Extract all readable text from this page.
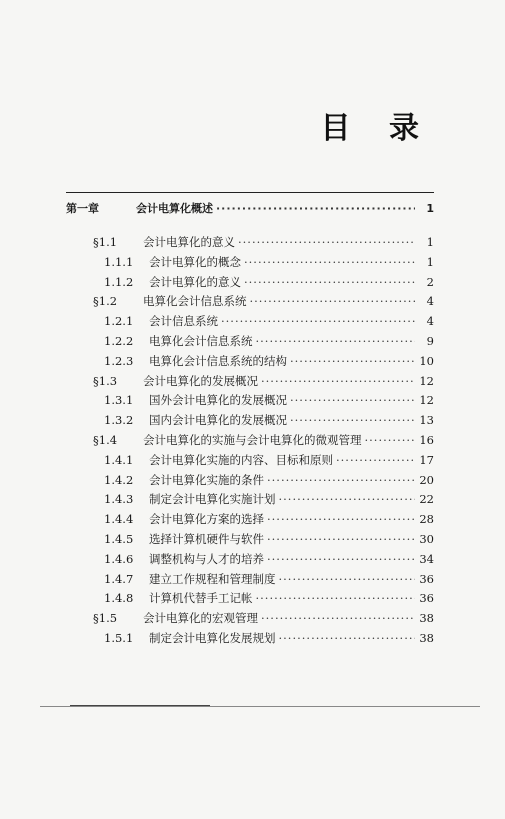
目 录
第一章	会计电算化概述 ·····	1
§1.1	会计电算化的意义 ·····	1
1.1.1	会计电算化的概念 ·····	1
1.1.2	会计电算化的意义 ·····	2
§1.2	电算化会计信息系统 ·····	4
1.2.1	会计信息系统 ·····	4
1.2.2	电算化会计信息系统 ·····	9
1.2.3	电算化会计信息系统的结构 ·····	10
§1.3	会计电算化的发展概况 ·····	12
1.3.1	国外会计电算化的发展概况 ·····	12
1.3.2	国内会计电算化的发展概况 ·····	13
§1.4	会计电算化的实施与会计电算化的微观管理 ·····	16
1.4.1	会计电算化实施的内容、目标和原则 ·····	17
1.4.2	会计电算化实施的条件 ·····	20
1.4.3	制定会计电算化实施计划 ·····	22
1.4.4	会计电算化方案的选择 ·····	28
1.4.5	选择计算机硬件与软件 ·····	30
1.4.6	调整机构与人才的培养 ·····	34
1.4.7	建立工作规程和管理制度 ·····	36
1.4.8	计算机代替手工记帐 ·····	36
§1.5	会计电算化的宏观管理 ·····	38
1.5.1	制定会计电算化发展规划 ·····	38
